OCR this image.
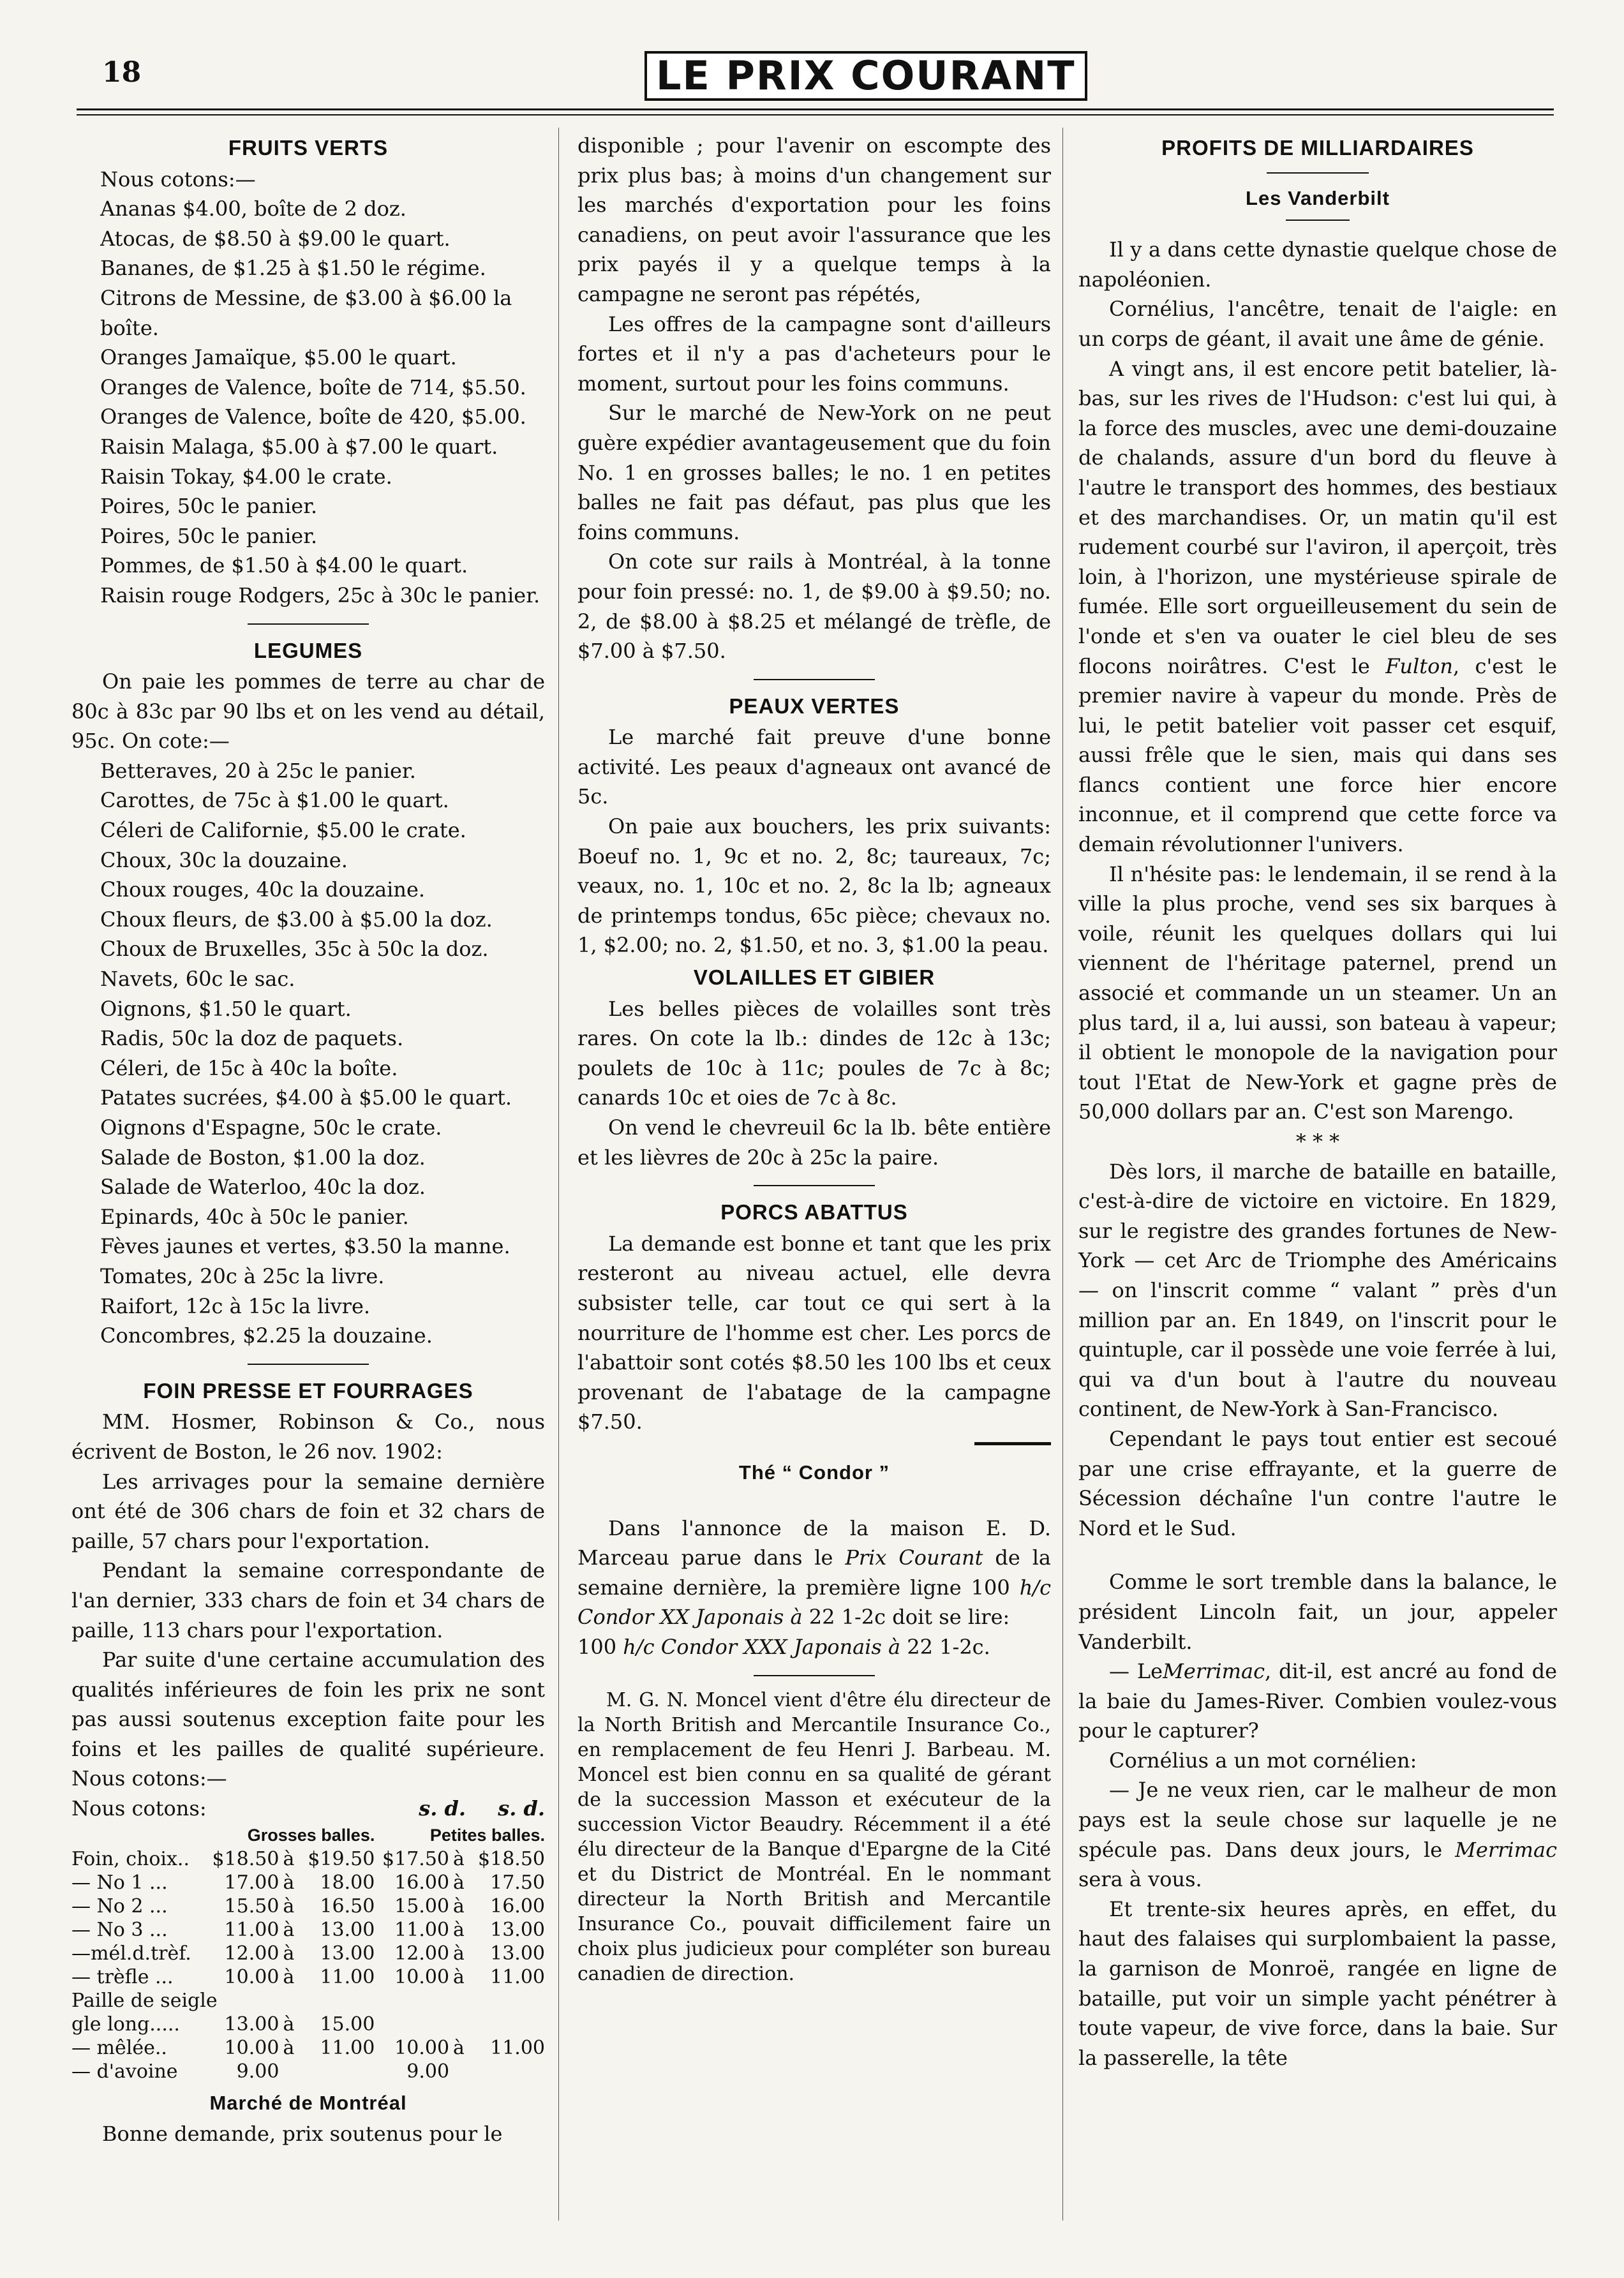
18	LE PRIX COURANT
FRUITS VERTS

Nous cotons:—

Ananas $4.00, boîte de 2 doz.

Atocas, de $8.50 à $9.00 le quart.

Bananes, de $1.25 à $1.50 le régime.

Citrons de Messine, de $3.00 à $6.00 la boîte.

Oranges Jamaïque, $5.00 le quart.

Oranges de Valence, boîte de 714, $5.50.

Oranges de Valence, boîte de 420, $5.00.

Raisin Malaga, $5.00 à $7.00 le quart.

Raisin Tokay, $4.00 le crate.

Poires, 50c le panier.

Poires, 50c le panier.

Pommes, de $1.50 à $4.00 le quart.

Raisin rouge Rodgers, 25c à 30c le panier.

LEGUMES

On paie les pommes de terre au char de 80c à 83c par 90 lbs et on les vend au détail, 95c. On cote:—

Betteraves, 20 à 25c le panier.

Carottes, de 75c à $1.00 le quart.

Céleri de Californie, $5.00 le crate.

Choux, 30c la douzaine.

Choux rouges, 40c la douzaine.

Choux fleurs, de $3.00 à $5.00 la doz.

Choux de Bruxelles, 35c à 50c la doz.

Navets, 60c le sac.

Oignons, $1.50 le quart.

Radis, 50c la doz de paquets.

Céleri, de 15c à 40c la boîte.

Patates sucrées, $4.00 à $5.00 le quart.

Oignons d'Espagne, 50c le crate.

Salade de Boston, $1.00 la doz.

Salade de Waterloo, 40c la doz.

Epinards, 40c à 50c le panier.

Fèves jaunes et vertes, $3.50 la manne.

Tomates, 20c à 25c la livre.

Raifort, 12c à 15c la livre.

Concombres, $2.25 la douzaine.

FOIN PRESSE ET FOURRAGES

MM. Hosmer, Robinson & Co., nous écrivent de Boston, le 26 nov. 1902:

Les arrivages pour la semaine dernière ont été de 306 chars de foin et 32 chars de paille, 57 chars pour l'exportation.

Pendant la semaine correspondante de l'an dernier, 333 chars de foin et 34 chars de paille, 113 chars pour l'exportation.

Par suite d'une certaine accumulation des qualités inférieures de foin les prix ne sont pas aussi soutenus exception faite pour les foins et les pailles de qualité supérieure. Nous cotons:—

Nous cotons:	s. d. s. d.

	Grosses balles.			Petites balles.		
Foin, choix..	$18.50	à	$19.50	$17.50	à	$18.50
— No 1 ...	17.00	à	18.00	16.00	à	17.50
— No 2 ...	15.50	à	16.50	15.00	à	16.00
— No 3 ...	11.00	à	13.00	11.00	à	13.00
—mél.d.trèf.	12.00	à	13.00	12.00	à	13.00
— trèfle ...	10.00	à	11.00	10.00	à	11.00
Paille de seigle						
gle long.....	13.00	à	15.00			
— mêlée..	10.00	à	11.00	10.00	à	11.00
— d'avoine	9.00			9.00		
Marché de Montréal

Bonne demande, prix soutenus pour le

disponible ; pour l'avenir on escompte des prix plus bas; à moins d'un changement sur les marchés d'exportation pour les foins canadiens, on peut avoir l'assurance que les prix payés il y a quelque temps à la campagne ne seront pas répétés,

Les offres de la campagne sont d'ailleurs fortes et il n'y a pas d'acheteurs pour le moment, surtout pour les foins communs.

Sur le marché de New-York on ne peut guère expédier avantageusement que du foin No. 1 en grosses balles; le no. 1 en petites balles ne fait pas défaut, pas plus que les foins communs.

On cote sur rails à Montréal, à la tonne pour foin pressé: no. 1, de $9.00 à $9.50; no. 2, de $8.00 à $8.25 et mélangé de trèfle, de $7.00 à $7.50.

PEAUX VERTES

Le marché fait preuve d'une bonne activité. Les peaux d'agneaux ont avancé de 5c.

On paie aux bouchers, les prix suivants: Boeuf no. 1, 9c et no. 2, 8c; taureaux, 7c; veaux, no. 1, 10c et no. 2, 8c la lb; agneaux de printemps tondus, 65c pièce; chevaux no. 1, $2.00; no. 2, $1.50, et no. 3, $1.00 la peau.

VOLAILLES ET GIBIER

Les belles pièces de volailles sont très rares. On cote la lb.: dindes de 12c à 13c; poulets de 10c à 11c; poules de 7c à 8c; canards 10c et oies de 7c à 8c.

On vend le chevreuil 6c la lb. bête entière et les lièvres de 20c à 25c la paire.

PORCS ABATTUS

La demande est bonne et tant que les prix resteront au niveau actuel, elle devra subsister telle, car tout ce qui sert à la nourriture de l'homme est cher. Les porcs de l'abattoir sont cotés $8.50 les 100 lbs et ceux provenant de l'abatage de la campagne $7.50.

Thé “ Condor ”

Dans l'annonce de la maison E. D. Marceau parue dans le Prix Courant de la semaine dernière, la première ligne 100 h/c Condor XX Japonais à 22 1-2c doit se lire:

100 h/c Condor XXX Japonais à 22 1-2c.

M. G. N. Moncel vient d'être élu directeur de la North British and Mercantile Insurance Co., en remplacement de feu Henri J. Barbeau. M. Moncel est bien connu en sa qualité de gérant de la succession Masson et exécuteur de la succession Victor Beaudry. Récemment il a été élu directeur de la Banque d'Epargne de la Cité et du District de Montréal. En le nommant directeur la North British and Mercantile Insurance Co., pouvait difficilement faire un choix plus judicieux pour compléter son bureau canadien de direction.

PROFITS DE MILLIARDAIRES
Les Vanderbilt

Il y a dans cette dynastie quelque chose de napoléonien.

Cornélius, l'ancêtre, tenait de l'aigle: en un corps de géant, il avait une âme de génie.

A vingt ans, il est encore petit batelier, là-bas, sur les rives de l'Hudson: c'est lui qui, à la force des muscles, avec une demi-douzaine de chalands, assure d'un bord du fleuve à l'autre le transport des hommes, des bestiaux et des marchandises. Or, un matin qu'il est rudement courbé sur l'aviron, il aperçoit, très loin, à l'horizon, une mystérieuse spirale de fumée. Elle sort orgueilleusement du sein de l'onde et s'en va ouater le ciel bleu de ses flocons noirâtres. C'est le Fulton, c'est le premier navire à vapeur du monde. Près de lui, le petit batelier voit passer cet esquif, aussi frêle que le sien, mais qui dans ses flancs contient une force hier encore inconnue, et il comprend que cette force va demain révolutionner l'univers.

Il n'hésite pas: le lendemain, il se rend à la ville la plus proche, vend ses six barques à voile, réunit les quelques dollars qui lui viennent de l'héritage paternel, prend un associé et commande un un steamer. Un an plus tard, il a, lui aussi, son bateau à vapeur; il obtient le monopole de la navigation pour tout l'Etat de New-York et gagne près de 50,000 dollars par an. C'est son Marengo.

* * *

Dès lors, il marche de bataille en bataille, c'est-à-dire de victoire en victoire. En 1829, sur le registre des grandes fortunes de New-York — cet Arc de Triomphe des Américains — on l'inscrit comme “ valant ” près d'un million par an. En 1849, on l'inscrit pour le quintuple, car il possède une voie ferrée à lui, qui va d'un bout à l'autre du nouveau continent, de New-York à San-Francisco.

Cependant le pays tout entier est secoué par une crise effrayante, et la guerre de Sécession déchaîne l'un contre l'autre le Nord et le Sud.

Comme le sort tremble dans la balance, le président Lincoln fait, un jour, appeler Vanderbilt.

— LeMerrimac, dit-il, est ancré au fond de la baie du James-River. Combien voulez-vous pour le capturer?

Cornélius a un mot cornélien:

— Je ne veux rien, car le malheur de mon pays est la seule chose sur laquelle je ne spécule pas. Dans deux jours, le Merrimac sera à vous.

Et trente-six heures après, en effet, du haut des falaises qui surplombaient la passe, la garnison de Monroë, rangée en ligne de bataille, put voir un simple yacht pénétrer à toute vapeur, de vive force, dans la baie. Sur la passerelle, la tête
